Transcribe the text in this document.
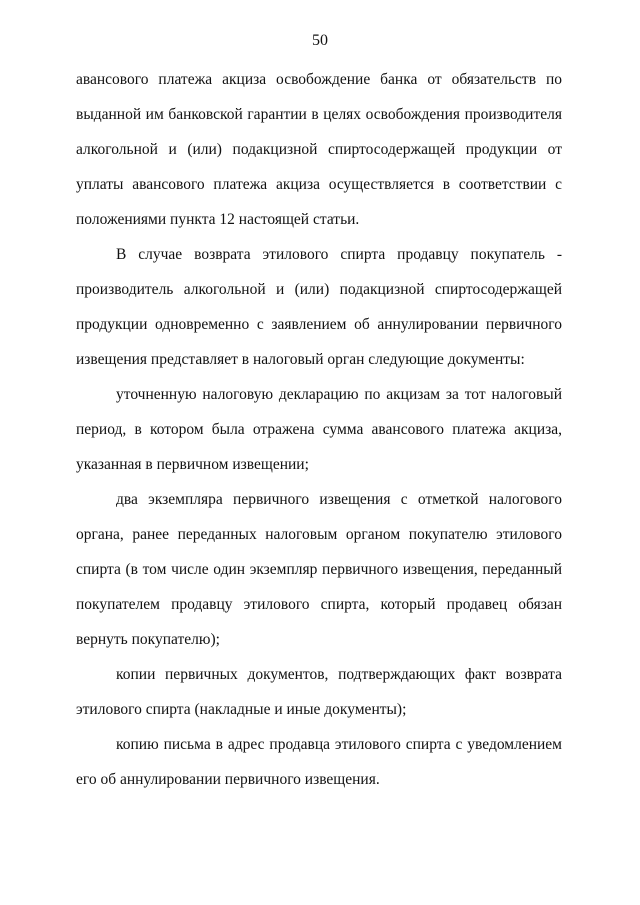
50

авансового платежа акциза освобождение банка от обязательств по выданной им банковской гарантии в целях освобождения производителя алкогольной и (или) подакцизной спиртосодержащей продукции от уплаты авансового платежа акциза осуществляется в соответствии с положениями пункта 12 настоящей статьи.

В случае возврата этилового спирта продавцу покупатель - производитель алкогольной и (или) подакцизной спиртосодержащей продукции одновременно с заявлением об аннулировании первичного извещения представляет в налоговый орган следующие документы:

уточненную налоговую декларацию по акцизам за тот налоговый период, в котором была отражена сумма авансового платежа акциза, указанная в первичном извещении;

два экземпляра первичного извещения с отметкой налогового органа, ранее переданных налоговым органом покупателю этилового спирта (в том числе один экземпляр первичного извещения, переданный покупателем продавцу этилового спирта, который продавец обязан вернуть покупателю);

копии первичных документов, подтверждающих факт возврата этилового спирта (накладные и иные документы);

копию письма в адрес продавца этилового спирта с уведомлением его об аннулировании первичного извещения.
